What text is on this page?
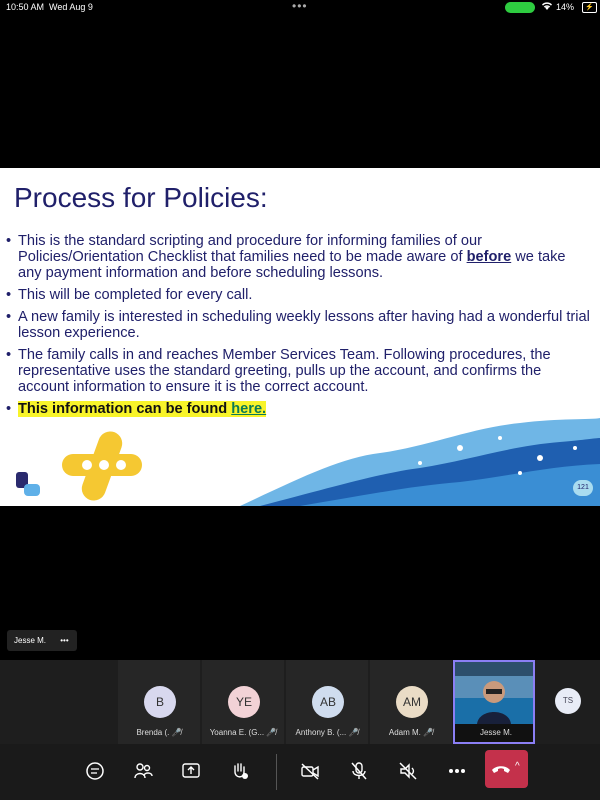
10:50 AM Wed Aug 9	•••	14%	⚡
Process for Policies:
• This is the standard scripting and procedure for informing families of our Policies/Orientation Checklist that families need to be made aware of before we take any payment information and before scheduling lessons.
• This will be completed for every call.
• A new family is interested in scheduling weekly lessons after having had a wonderful trial lesson experience.
• The family calls in and reaches Member Services Team. Following procedures, the representative uses the standard greeting, pulls up the account, and confirms the account information to ensure it is the correct account.
• This information can be found here.
121
Jesse M. •••
B
Brenda (. 🎤̸
YE
Yoanna E. (G... 🎤̸
AB
Anthony B. (... 🎤̸
AM
Adam M. 🎤̸	Jesse M.
TS
^
